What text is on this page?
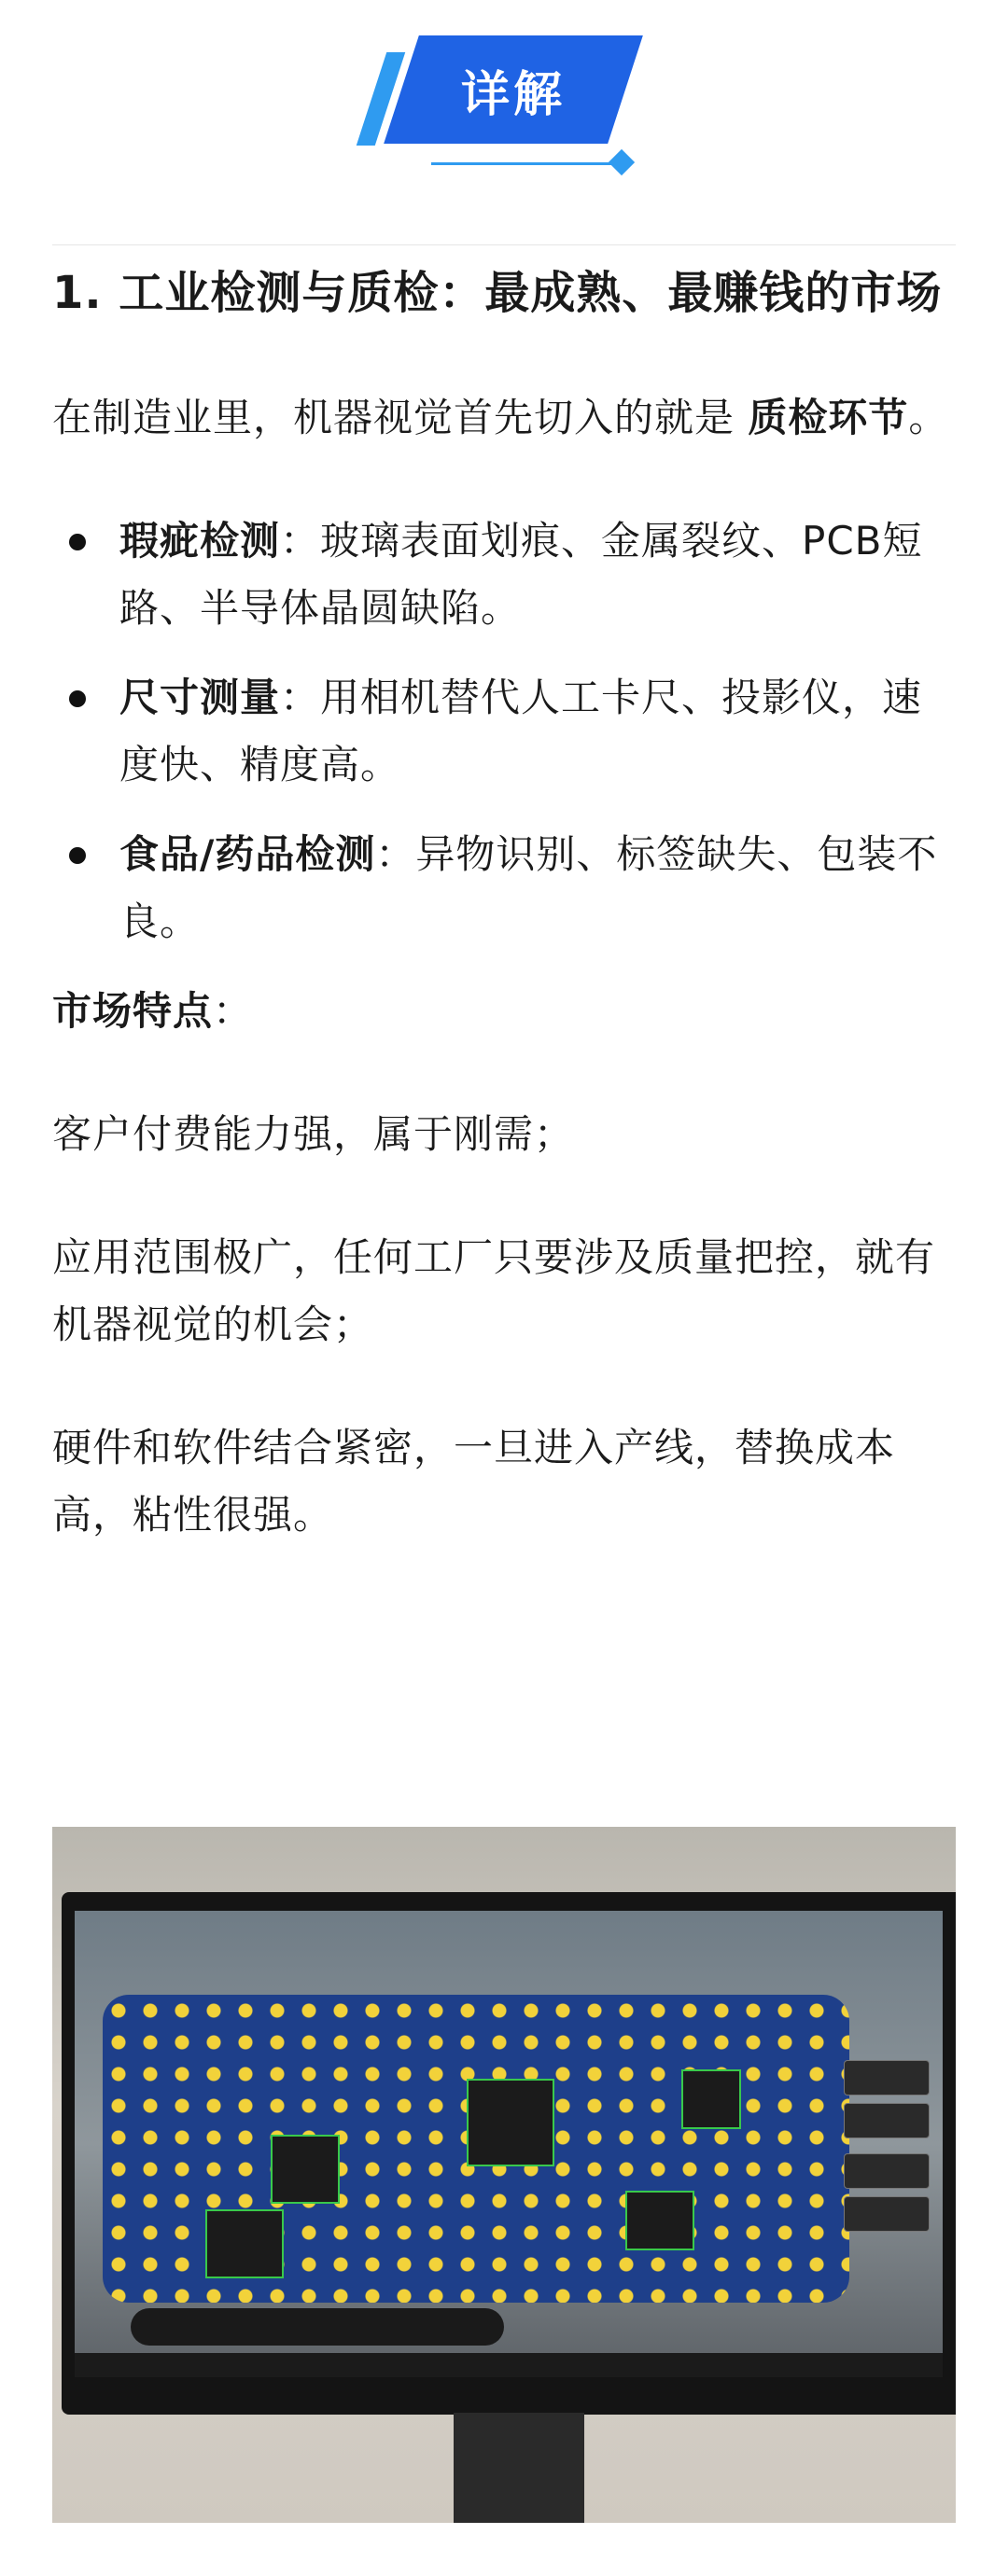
详解
1. 工业检测与质检：最成熟、最赚钱的市场

在制造业里，机器视觉首先切入的就是 质检环节。

瑕疵检测：玻璃表面划痕、金属裂纹、PCB短路、半导体晶圆缺陷。
尺寸测量：用相机替代人工卡尺、投影仪，速度快、精度高。
食品/药品检测：异物识别、标签缺失、包装不良。

市场特点：

客户付费能力强，属于刚需；

应用范围极广，任何工厂只要涉及质量把控，就有机器视觉的机会；

硬件和软件结合紧密，一旦进入产线，替换成本高，粘性很强。
